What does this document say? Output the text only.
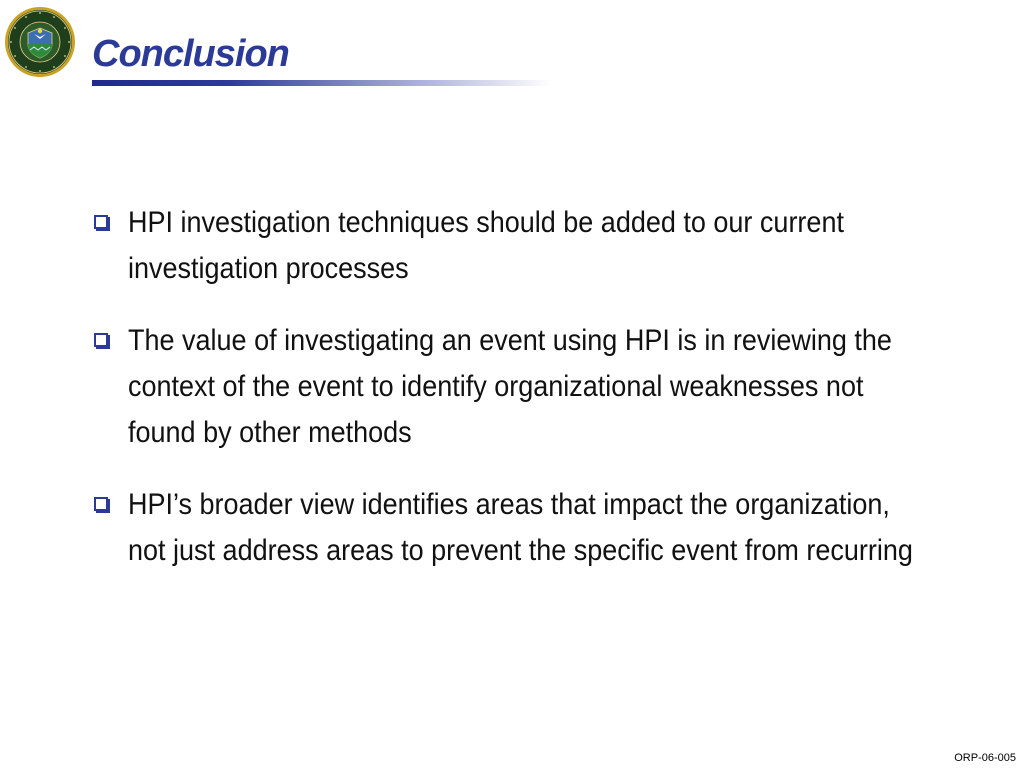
Conclusion
HPI investigation techniques should be added to our current investigation processes
The value of investigating an event using HPI is in reviewing the context of the event to identify organizational weaknesses not found by other methods
HPI’s broader view identifies areas that impact the organization, not just address areas to prevent the specific event from recurring
ORP-06-005
